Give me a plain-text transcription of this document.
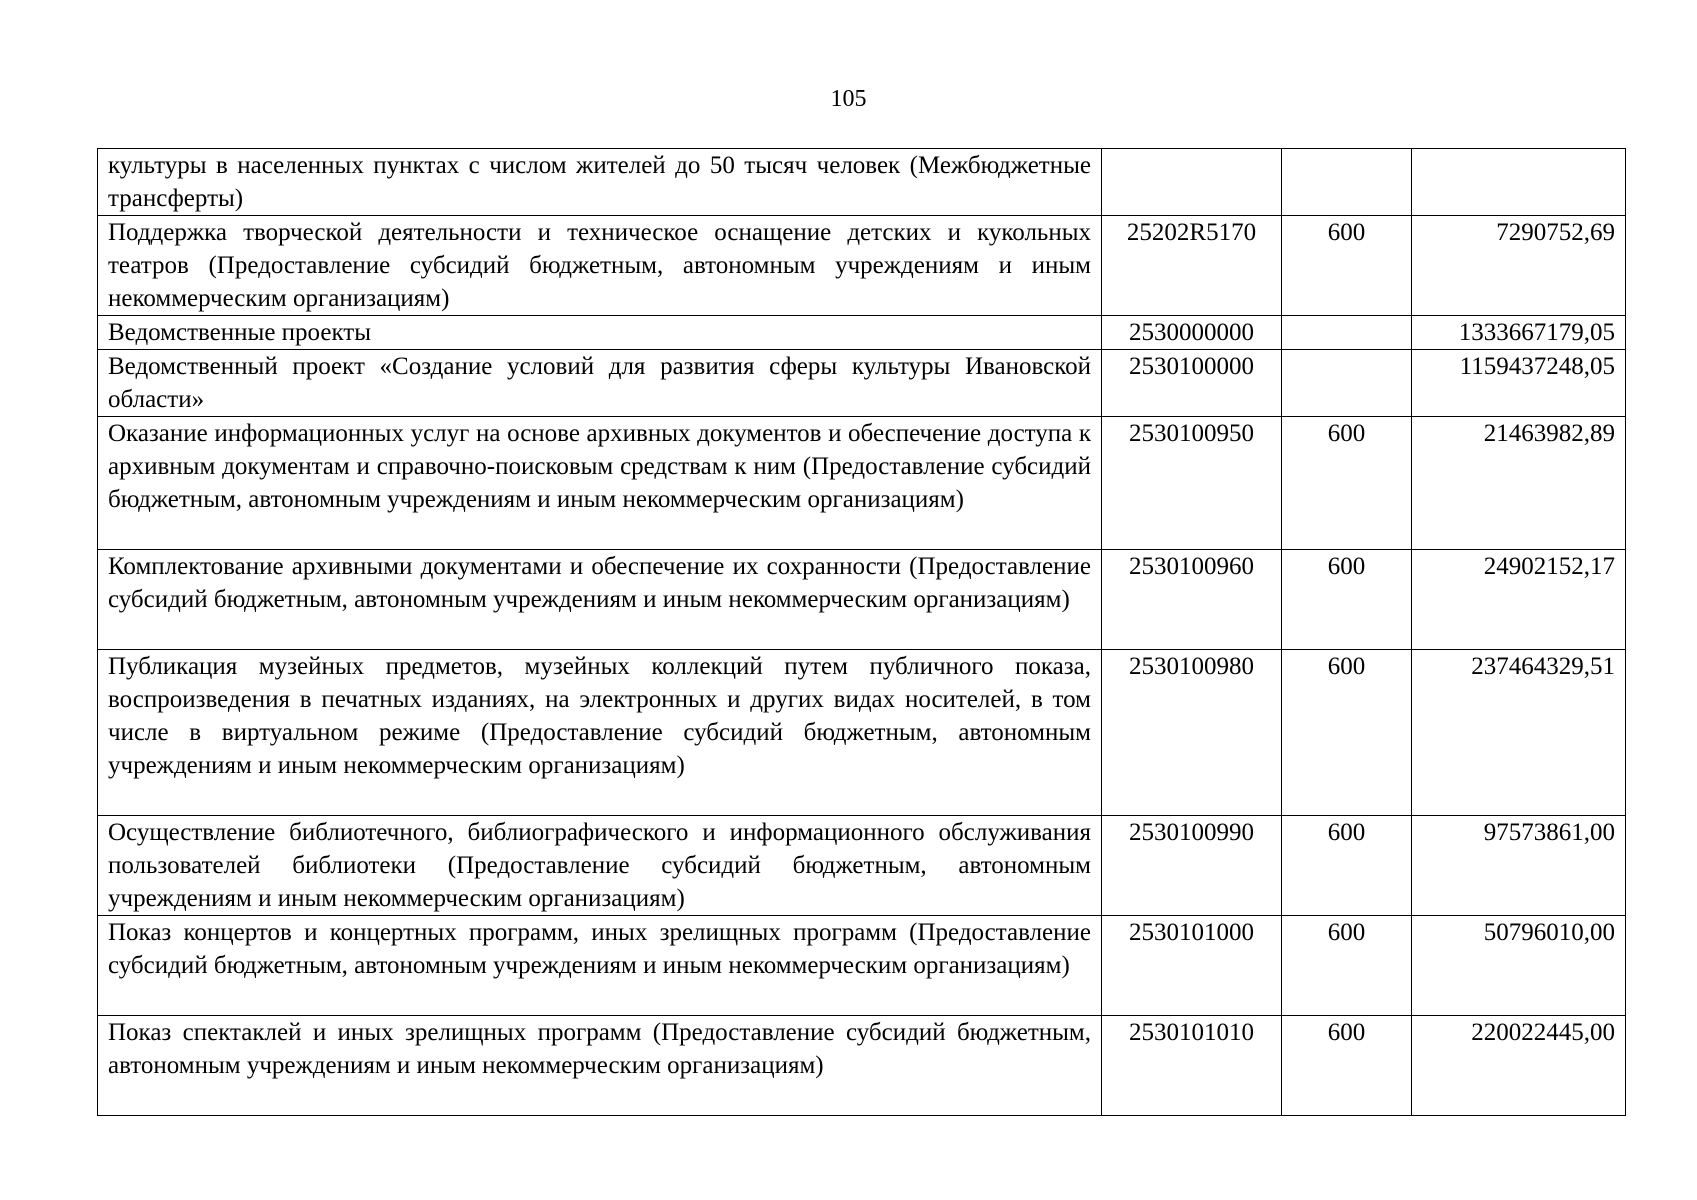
105
культуры в населенных пунктах с числом жителей до 50 тысяч человек (Межбюджетные трансферты)			
Поддержка творческой деятельности и техническое оснащение детских и кукольных театров (Предоставление субсидий бюджетным, автономным учреждениям и иным некоммерческим организациям)	25202R5170	600	7290752,69
Ведомственные проекты	2530000000		1333667179,05
Ведомственный проект «Создание условий для развития сферы культуры Ивановской области»	2530100000		1159437248,05
Оказание информационных услуг на основе архивных документов и обеспечение доступа к архивным документам и справочно-поисковым средствам к ним (Предоставление субсидий бюджетным, автономным учреждениям и иным некоммерческим организациям)	2530100950	600	21463982,89
Комплектование архивными документами и обеспечение их сохранности (Предоставление субсидий бюджетным, автономным учреждениям и иным некоммерческим организациям)	2530100960	600	24902152,17
Публикация музейных предметов, музейных коллекций путем публичного показа, воспроизведения в печатных изданиях, на электронных и других видах носителей, в том числе в виртуальном режиме (Предоставление субсидий бюджетным, автономным учреждениям и иным некоммерческим организациям)	2530100980	600	237464329,51
Осуществление библиотечного, библиографического и информационного обслуживания пользователей библиотеки (Предоставление субсидий бюджетным, автономным учреждениям и иным некоммерческим организациям)	2530100990	600	97573861,00
Показ концертов и концертных программ, иных зрелищных программ (Предоставление субсидий бюджетным, автономным учреждениям и иным некоммерческим организациям)	2530101000	600	50796010,00
Показ спектаклей и иных зрелищных программ (Предоставление субсидий бюджетным, автономным учреждениям и иным некоммерческим организациям)	2530101010	600	220022445,00
